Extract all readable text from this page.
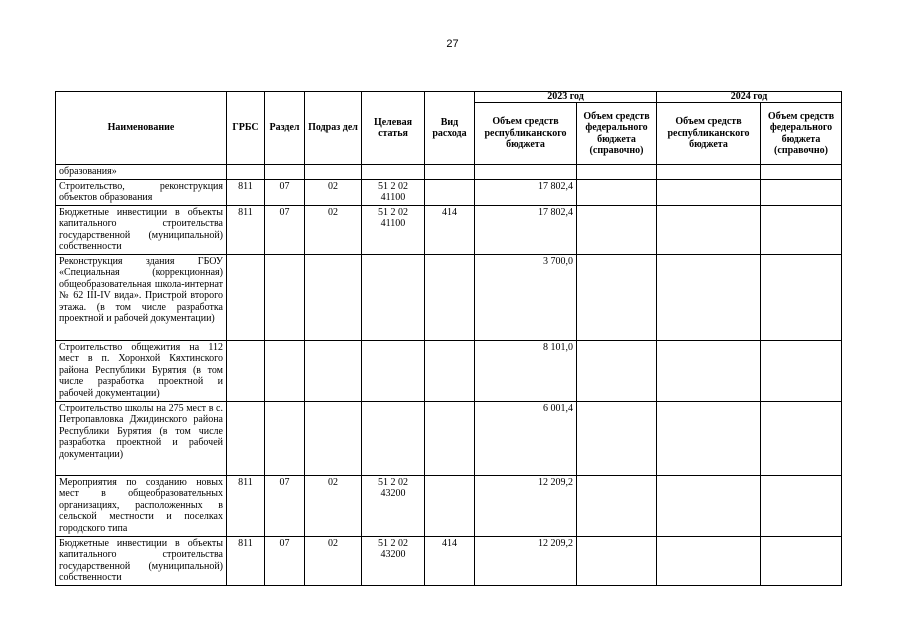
27
Наименование	ГРБС	Раздел	Подраз дел	Целевая статья	Вид расхода	2023 год		2024 год	
						Объем средств республиканского бюджета	Объем средств федерального бюджета (справочно)	Объем средств республиканского бюджета	Объем средств федерального бюджета (справочно)
образования»									
Строительство, реконструкция объектов образования	811	07	02	51 2 02 41100		17 802,4			
Бюджетные инвестиции в объекты капитального строительства государственной (муниципальной) собственности	811	07	02	51 2 02 41100	414	17 802,4			
Реконструкция здания ГБОУ «Специальная (коррекционная) общеобразовательная школа-интернат № 62 III-IV вида». Пристрой второго этажа. (в том числе разработка проектной и рабочей документации)						3 700,0			
Строительство общежития на 112 мест в п. Хоронхой Кяхтинского района Республики Бурятия (в том числе разработка проектной и рабочей документации)						8 101,0			
Строительство школы на 275 мест в с. Петропавловка Джидинского района Республики Бурятия (в том числе разработка проектной и рабочей документации)						6 001,4			
Мероприятия по созданию новых мест в общеобразовательных организациях, расположенных в сельской местности и поселках городского типа	811	07	02	51 2 02 43200		12 209,2			
Бюджетные инвестиции в объекты капитального строительства государственной (муниципальной) собственности	811	07	02	51 2 02 43200	414	12 209,2			
